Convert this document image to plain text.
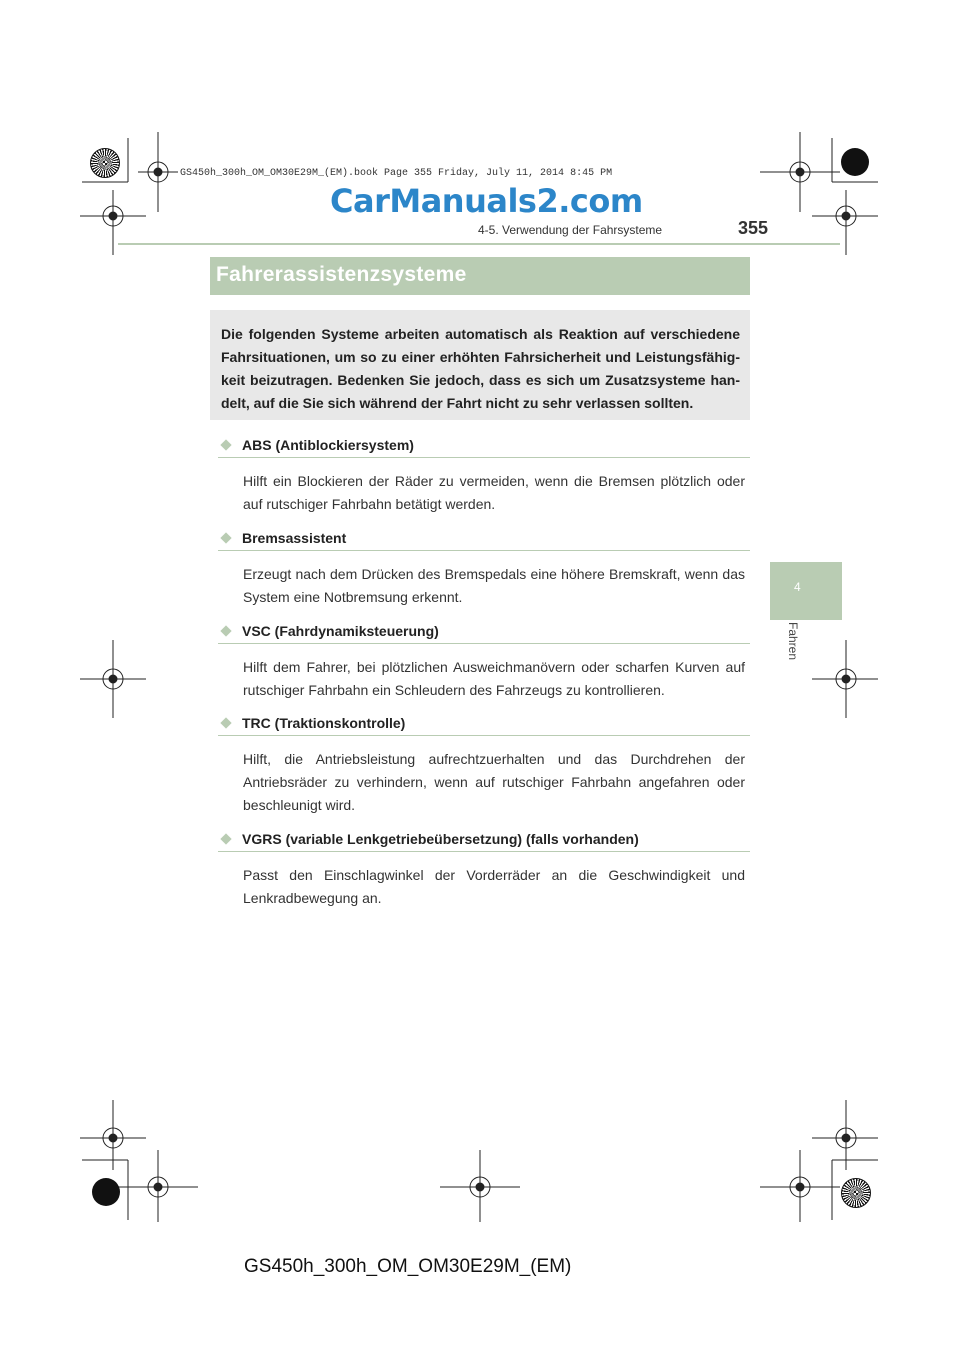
GS450h_300h_OM_OM30E29M_(EM).book Page 355 Friday, July 11, 2014 8:45 PM
CarManuals2.com
4-5. Verwendung der Fahrsysteme	355
4
Fahren
Fahrerassistenzsysteme

Die folgenden Systeme arbeiten automatisch als Reaktion auf verschiedene Fahrsituationen, um so zu einer erhöhten Fahrsicherheit und Leistungsfähig-keit beizutragen. Bedenken Sie jedoch, dass es sich um Zusatzsysteme han-delt, auf die Sie sich während der Fahrt nicht zu sehr verlassen sollten.

ABS (Antiblockiersystem)
Hilft ein Blockieren der Räder zu vermeiden, wenn die Bremsen plötzlich oder auf rutschiger Fahrbahn betätigt werden.
Bremsassistent
Erzeugt nach dem Drücken des Bremspedals eine höhere Bremskraft, wenn das System eine Notbremsung erkennt.
VSC (Fahrdynamiksteuerung)
Hilft dem Fahrer, bei plötzlichen Ausweichmanövern oder scharfen Kurven auf rutschiger Fahrbahn ein Schleudern des Fahrzeugs zu kontrollieren.
TRC (Traktionskontrolle)
Hilft, die Antriebsleistung aufrechtzuerhalten und das Durchdrehen der Antriebsräder zu verhindern, wenn auf rutschiger Fahrbahn angefahren oder beschleunigt wird.
VGRS (variable Lenkgetriebeübersetzung) (falls vorhanden)
Passt den Einschlagwinkel der Vorderräder an die Geschwindigkeit und Lenkradbewegung an.
GS450h_300h_OM_OM30E29M_(EM)
